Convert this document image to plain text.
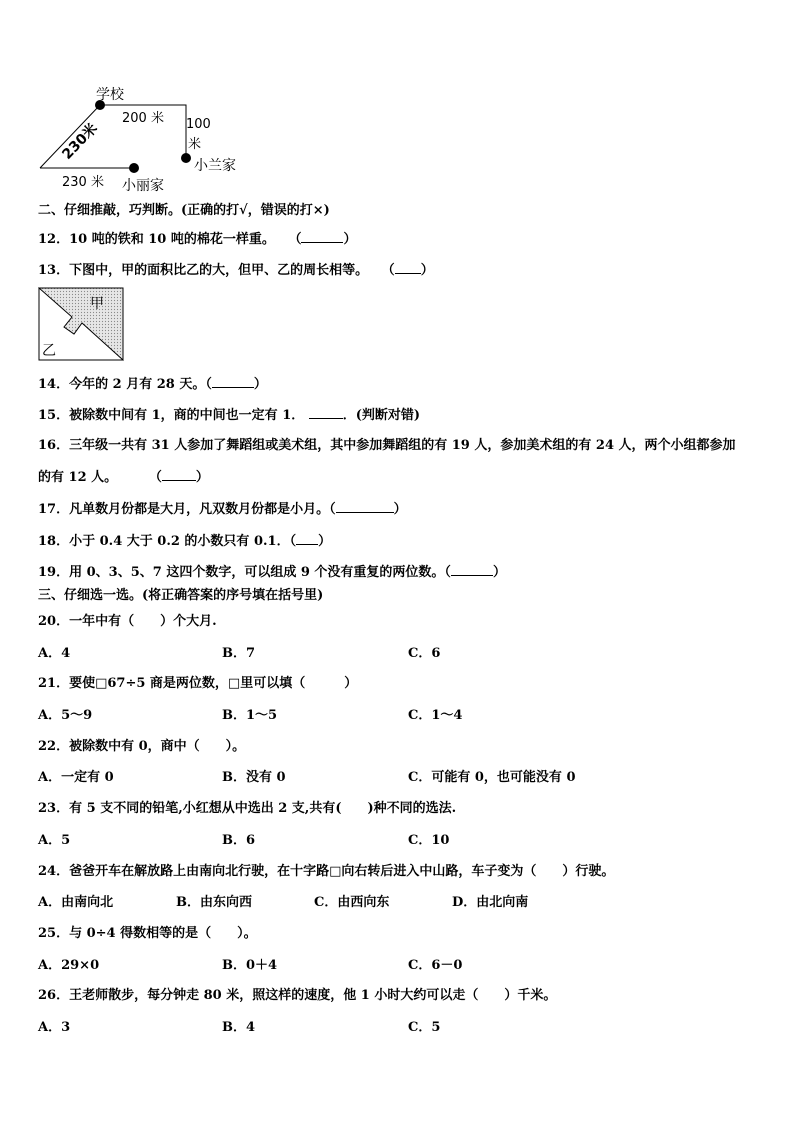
学校
200 米 100
米
230米
230 米
小兰家
小丽家
二、仔细推敲，巧判断。(正确的打√，错误的打×)
12．10 吨的铁和 10 吨的棉花一样重。 （	）
13．下图中，甲的面积比乙的大，但甲、乙的周长相等。 （ ）
甲
乙
14．今年的 2 月有 28 天。（	）
15．被除数中间有 1，商的中间也一定有 1．	．(判断对错)
16．三年级一共有 31 人参加了舞蹈组或美术组，其中参加舞蹈组的有 19 人，参加美术组的有 24 人，两个小组都参加
的有 12 人。 （	）
17．凡单数月份都是大月，凡双数月份都是小月。（	）
18．小于 0.4 大于 0.2 的小数只有 0.1．（ ）
19．用 0、3、5、7 这四个数字，可以组成 9 个没有重复的两位数。（	）
三、仔细选一选。(将正确答案的序号填在括号里)
20．一年中有（　　）个大月.
A．4	B．7	C．6
21．要使□67÷5 商是两位数，□里可以填（　　　）
A．5～9	B．1～5	C．1～4
22．被除数中有 0，商中（　　）。
A．一定有 0	B．没有 0	C．可能有 0，也可能没有 0
23．有 5 支不同的铅笔,小红想从中选出 2 支,共有(　　)种不同的选法.
A．5	B．6	C．10
24．爸爸开车在解放路上由南向北行驶，在十字路□向右转后进入中山路，车子变为（　　）行驶。
A．由南向北	B．由东向西	C．由西向东	D．由北向南
25．与 0÷4 得数相等的是（　　）。
A．29×0	B．0＋4	C．6－0
26．王老师散步，每分钟走 80 米，照这样的速度，他 1 小时大约可以走（　　）千米。
A．3	B．4	C．5
